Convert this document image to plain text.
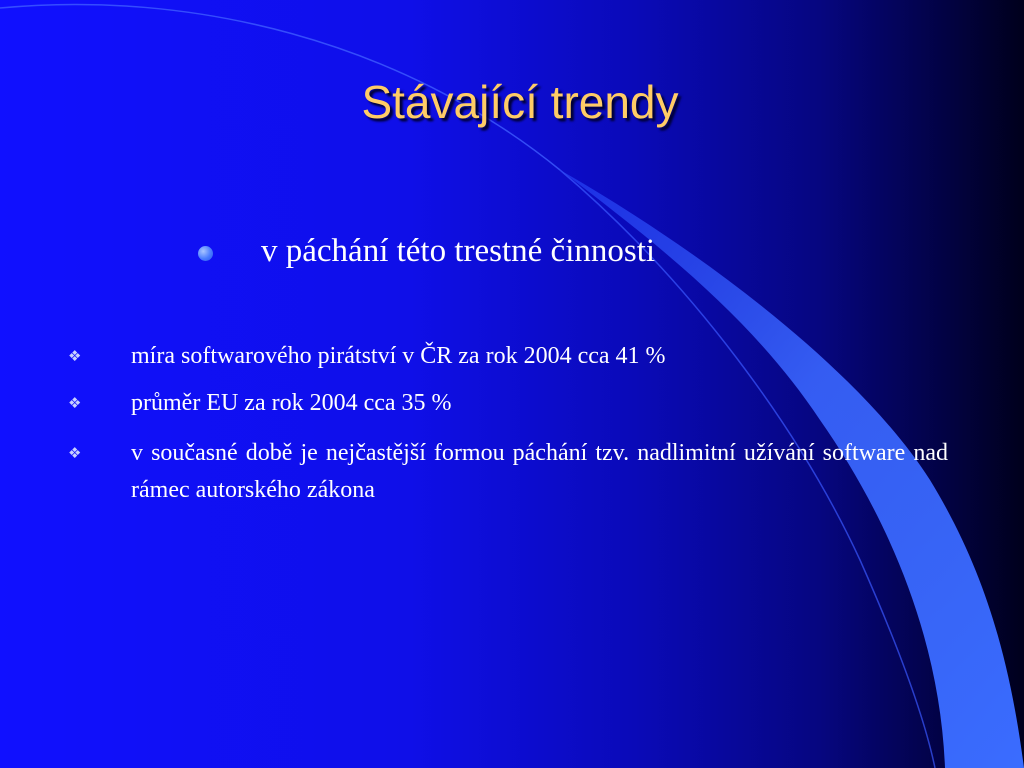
Stávající trendy
v páchání této trestné činnosti
❖ míra softwarového pirátství v ČR za rok 2004 cca 41 %
❖ průměr EU za rok 2004 cca 35 %
❖ v současné době je nejčastější formou páchání tzv. nadlimitní užívání software nad rámec autorského zákona
